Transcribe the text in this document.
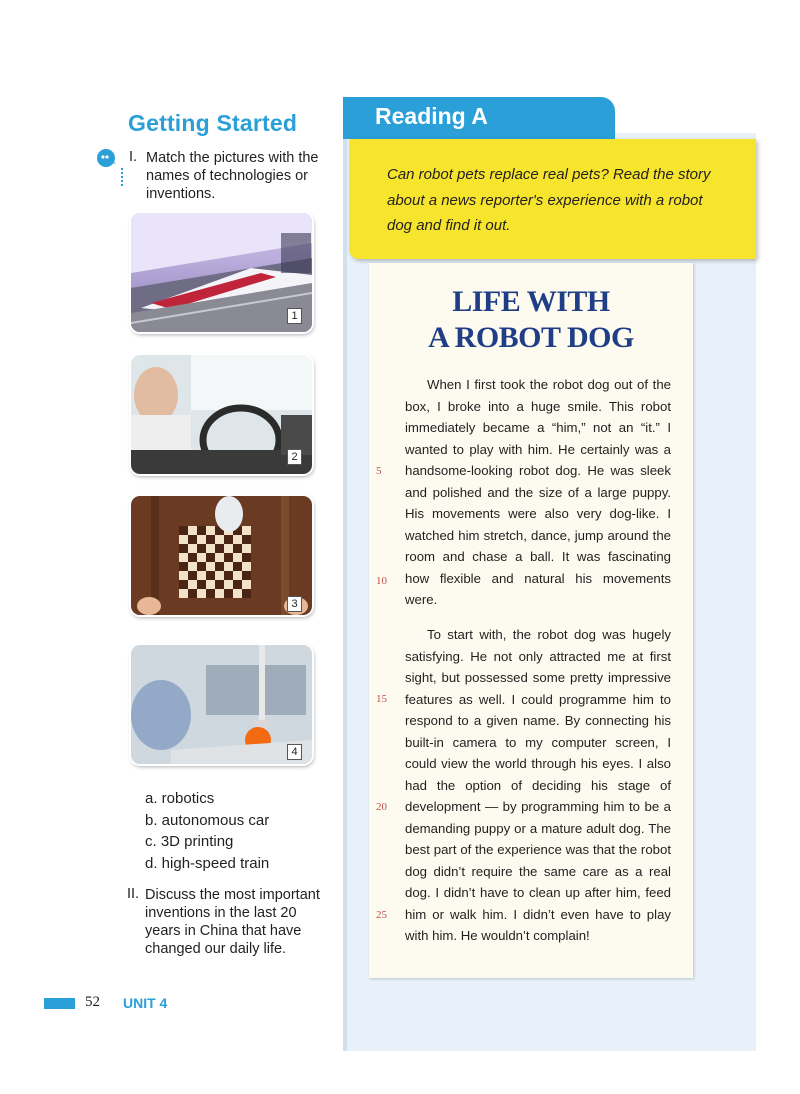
Getting Started
I. Match the pictures with the names of technologies or inventions.
1
2
3
4
a. robotics
b. autonomous car
c. 3D printing
d. high-speed train
II. Discuss the most important inventions in the last 20 years in China that have changed our daily life.
52 UNIT 4
Reading A
Can robot pets replace real pets? Read the story about a news reporter's experience with a robot dog and find it out.
LIFE WITH
A ROBOT DOG
When I first took the robot dog out of the box, I broke into a huge smile. This robot immediately became a “him,” not an “it.” I wanted to play with him. He certainly was a handsome-looking robot dog. He was sleek and polished and the size of a large puppy. His movements were also very dog-like. I watched him stretch, dance, jump around the room and chase a ball. It was fascinating how flexible and natural his movements were.
To start with, the robot dog was hugely satisfying. He not only attracted me at first sight, but possessed some pretty impressive features as well. I could programme him to respond to a given name. By connecting his built-in camera to my computer screen, I could view the world through his eyes. I also had the option of deciding his stage of development — by programming him to be a demanding puppy or a mature adult dog. The best part of the experience was that the robot dog didn’t require the same care as a real dog. I didn’t have to clean up after him, feed him or walk him. I didn’t even have to play with him. He wouldn’t complain!
5
10
15
20
25
